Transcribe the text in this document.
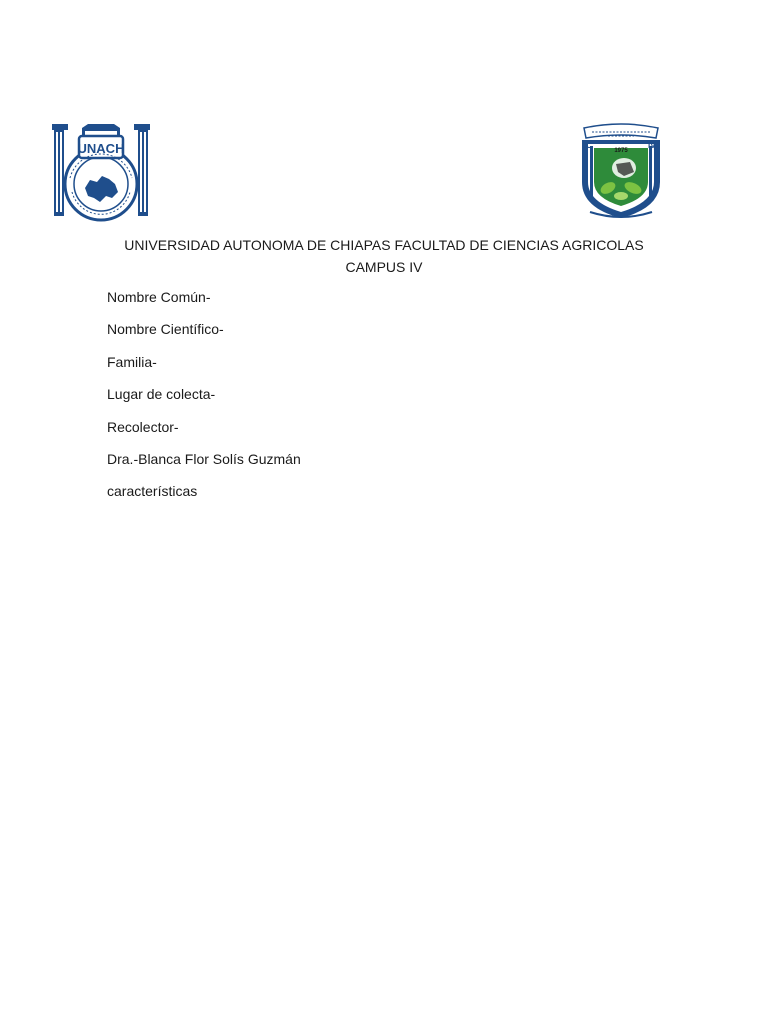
UNACH	C	IV
1975
UNIVERSIDAD AUTONOMA DE CHIAPAS FACULTAD DE CIENCIAS AGRICOLAS
CAMPUS IV
Nombre Común-
Nombre Científico-
Familia-
Lugar de colecta-
Recolector-
Dra.-Blanca Flor Solís Guzmán
características
